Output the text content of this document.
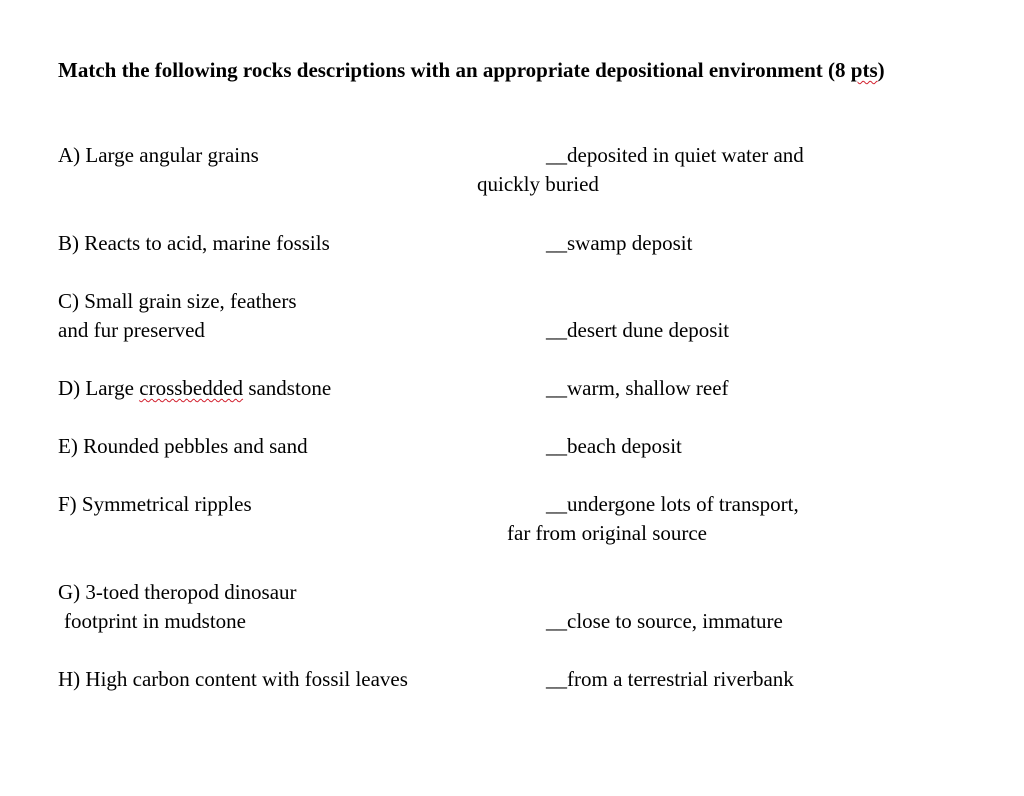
Match the following rocks descriptions with an appropriate depositional environment (8 pts)
A) Large angular grains
B) Reacts to acid, marine fossils
C) Small grain size, feathers
and fur preserved
D) Large crossbedded sandstone
E) Rounded pebbles and sand
F) Symmetrical ripples
G) 3-toed theropod dinosaur
footprint in mudstone
H) High carbon content with fossil leaves
__deposited in quiet water and
quickly buried
__swamp deposit
__desert dune deposit
__warm, shallow reef
__beach deposit
__undergone lots of transport,
far from original source
__close to source, immature
__from a terrestrial riverbank
